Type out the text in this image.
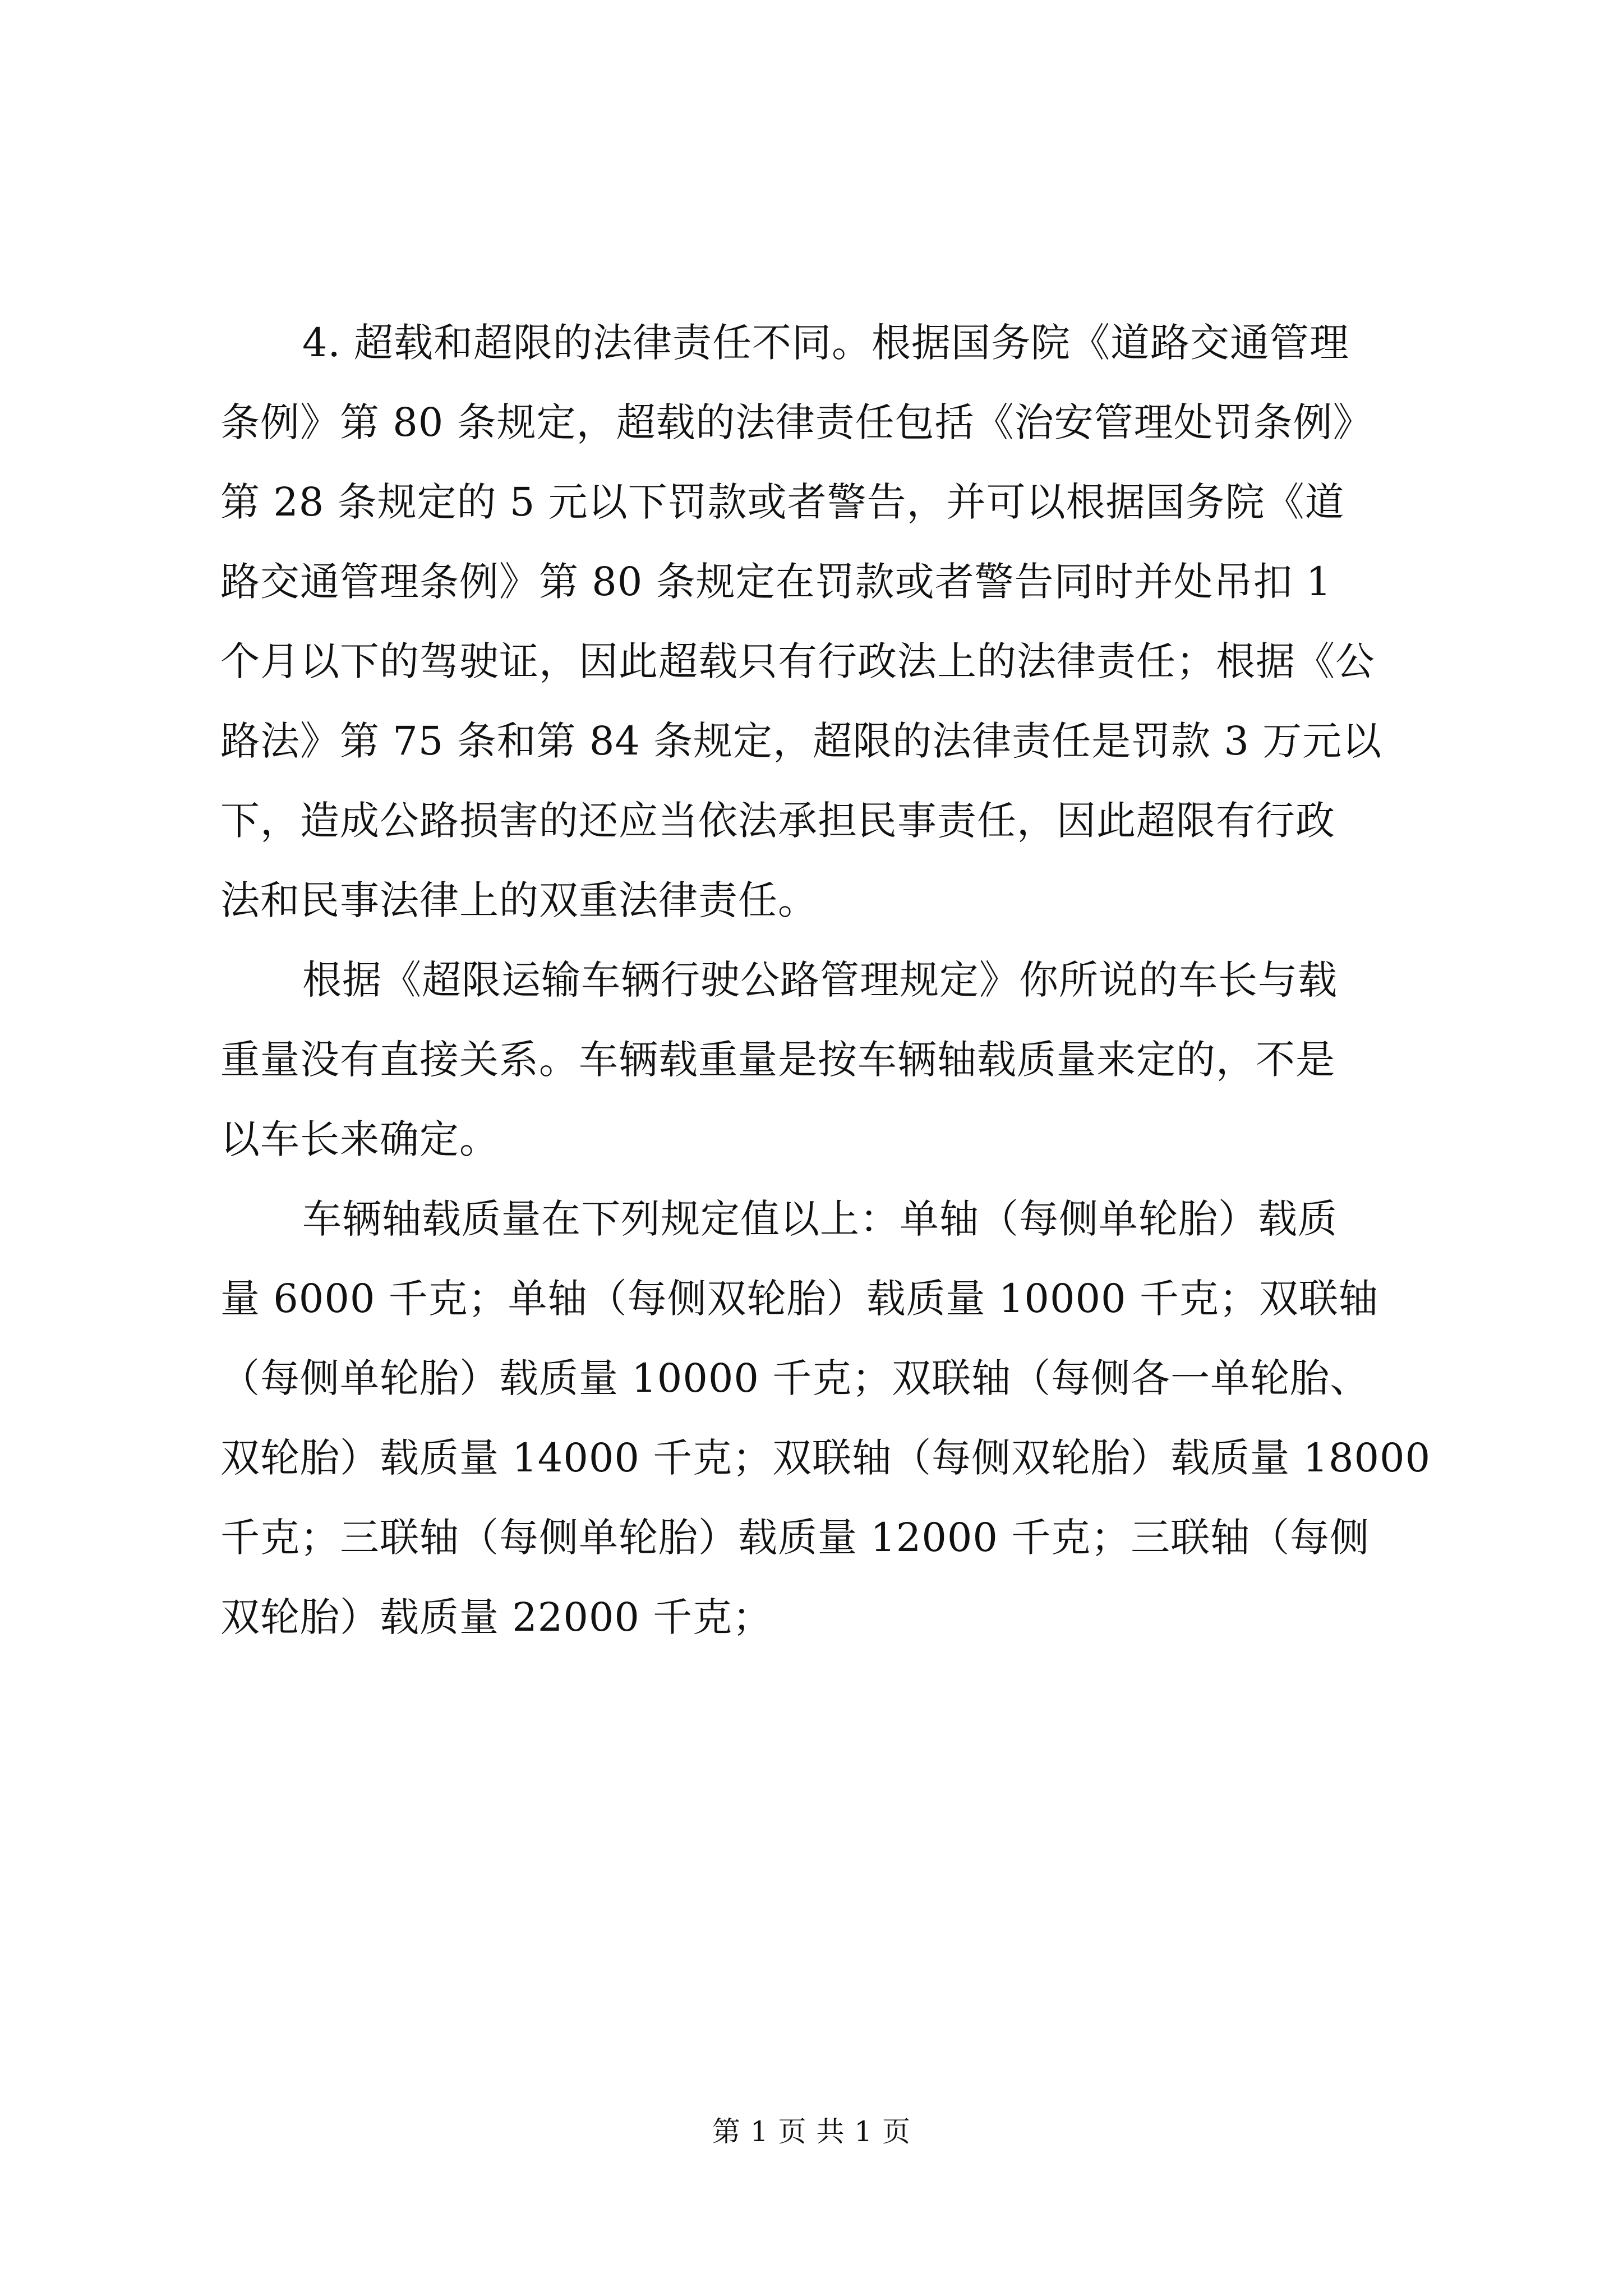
4. 超载和超限的法律责任不同。根据国务院《道路交通管理
条例》第 80 条规定，超载的法律责任包括《治安管理处罚条例》
第 28 条规定的 5 元以下罚款或者警告，并可以根据国务院《道
路交通管理条例》第 80 条规定在罚款或者警告同时并处吊扣 1
个月以下的驾驶证，因此超载只有行政法上的法律责任；根据《公
路法》第 75 条和第 84 条规定，超限的法律责任是罚款 3 万元以
下，造成公路损害的还应当依法承担民事责任，因此超限有行政
法和民事法律上的双重法律责任。
根据《超限运输车辆行驶公路管理规定》你所说的车长与载
重量没有直接关系。车辆载重量是按车辆轴载质量来定的，不是
以车长来确定。
车辆轴载质量在下列规定值以上：单轴（每侧单轮胎）载质
量 6000 千克；单轴（每侧双轮胎）载质量 10000 千克；双联轴
（每侧单轮胎）载质量 10000 千克；双联轴（每侧各一单轮胎、
双轮胎）载质量 14000 千克；双联轴（每侧双轮胎）载质量 18000
千克；三联轴（每侧单轮胎）载质量 12000 千克；三联轴（每侧
双轮胎）载质量 22000 千克；
第 1 页 共 1 页
